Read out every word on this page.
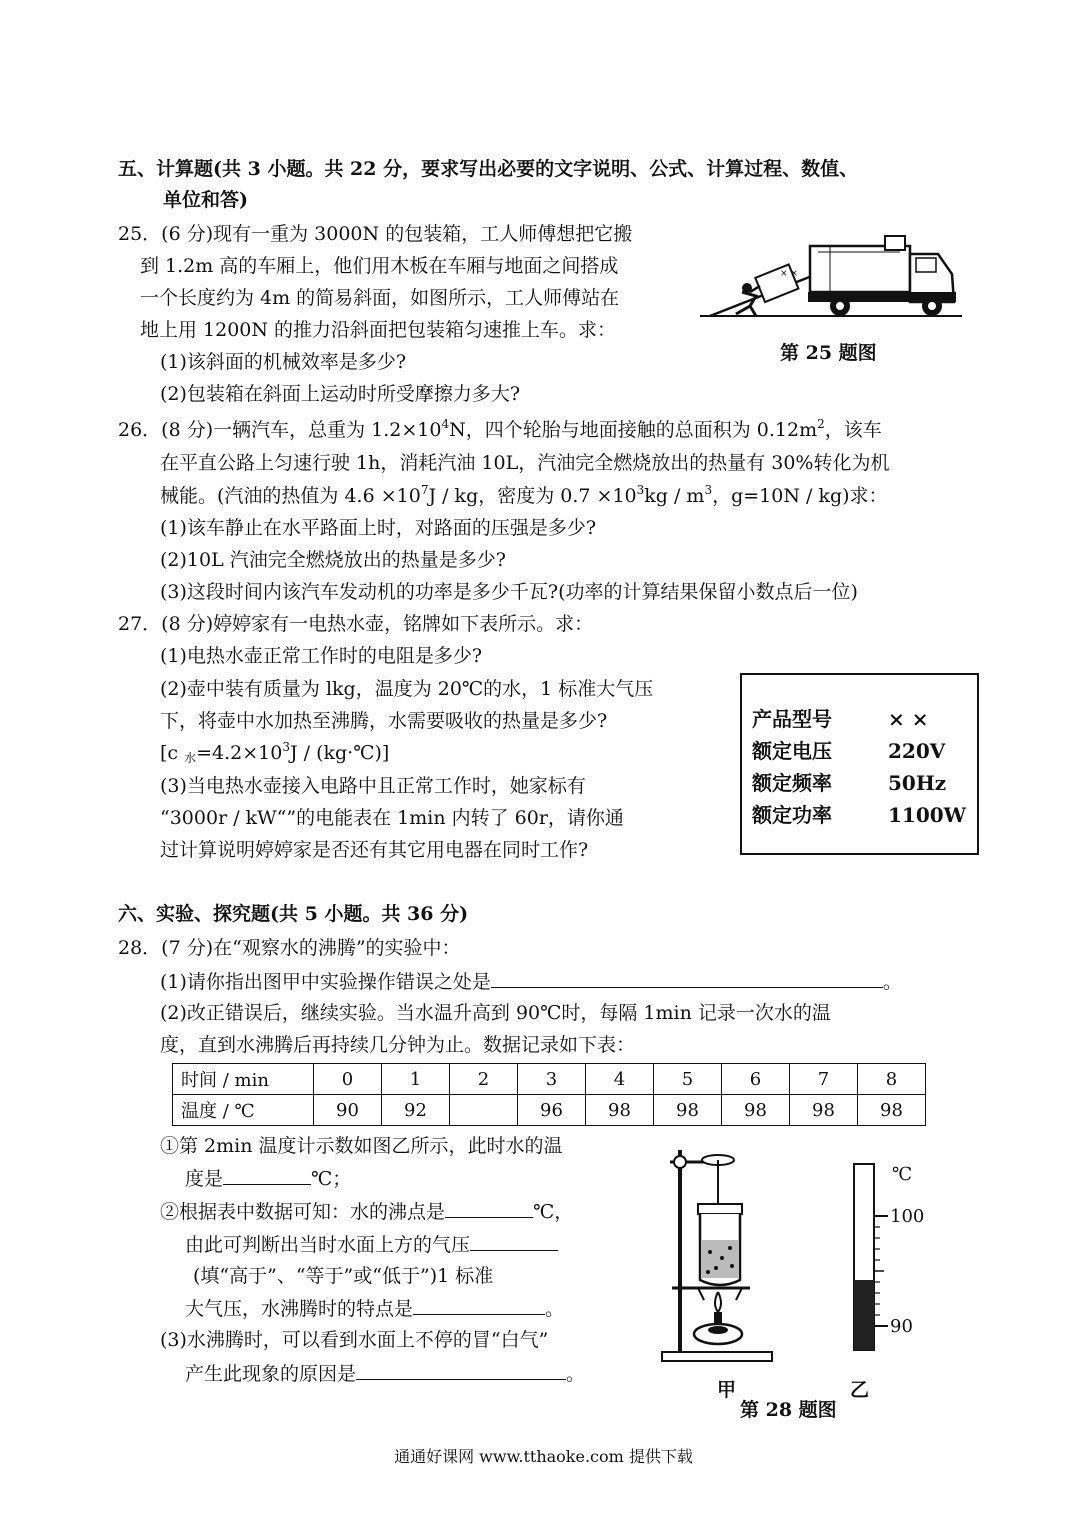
五、计算题(共 3 小题。共 22 分，要求写出必要的文字说明、公式、计算过程、数值、
单位和答)
25．(6 分)现有一重为 3000N 的包装箱，工人师傅想把它搬
到 1.2m 高的车厢上，他们用木板在车厢与地面之间搭成
一个长度约为 4m 的简易斜面，如图所示，工人师傅站在
地上用 1200N 的推力沿斜面把包装箱匀速推上车。求：
(1)该斜面的机械效率是多少?
(2)包装箱在斜面上运动时所受摩擦力多大?
× ×
第 25 题图
26．(8 分)一辆汽车，总重为 $1.2\times 10^4N$，四个轮胎与地面接触的总面积为 $0.12m^2$，该车
在平直公路上匀速行驶 1h，消耗汽油 10L，汽油完全燃烧放出的热量有 30%转化为机
械能。(汽油的热值为 $4.6 \times 10^7J$ / kg，密度为 $0.7 \times 10^3kg / m^3$，g=10N / kg)求：
(1)该车静止在水平路面上时，对路面的压强是多少?
(2)10L 汽油完全燃烧放出的热量是多少?
(3)这段时间内该汽车发动机的功率是多少千瓦?(功率的计算结果保留小数点后一位)
27．(8 分)婷婷家有一电热水壶，铭牌如下表所示。求：
(1)电热水壶正常工作时的电阻是多少?
(2)壶中装有质量为 lkg，温度为 20℃的水，1 标准大气压
下，将壶中水加热至沸腾，水需要吸收的热量是多少?
[c $_水=4.2\times 10^3J$ / (kg·℃)]
(3)当电热水壶接入电路中且正常工作时，她家标有
“3000r / kW“”的电能表在 1min 内转了 60r，请你通
过计算说明婷婷家是否还有其它用电器在同时工作?
产品型号	× ×
额定电压	220V
额定频率	50Hz
额定功率	1100W
六、实验、探究题(共 5 小题。共 36 分)
28．(7 分)在“观察水的沸腾”的实验中：
(1)请你指出图甲中实验操作错误之处是	。
(2)改正错误后，继续实验。当水温升高到 90℃时，每隔 1min 记录一次水的温
度，直到水沸腾后再持续几分钟为止。数据记录如下表：
时间 / min	0	1	2	3	4	5	6	7	8
温度 / ℃	90	92		96	98	98	98	98	98
①第 2min 温度计示数如图乙所示，此时水的温
度是	℃；
②根据表中数据可知：水的沸点是	℃，
由此可判断出当时水面上方的气压
(填“高于”、“等于”或“低于”)1 标准
大气压，水沸腾时的特点是	。
(3)水沸腾时，可以看到水面上不停的冒“白气”
产生此现象的原因是	。
℃
100
90
甲	乙
第 28 题图
通通好课网 www.tthaoke.com 提供下载
